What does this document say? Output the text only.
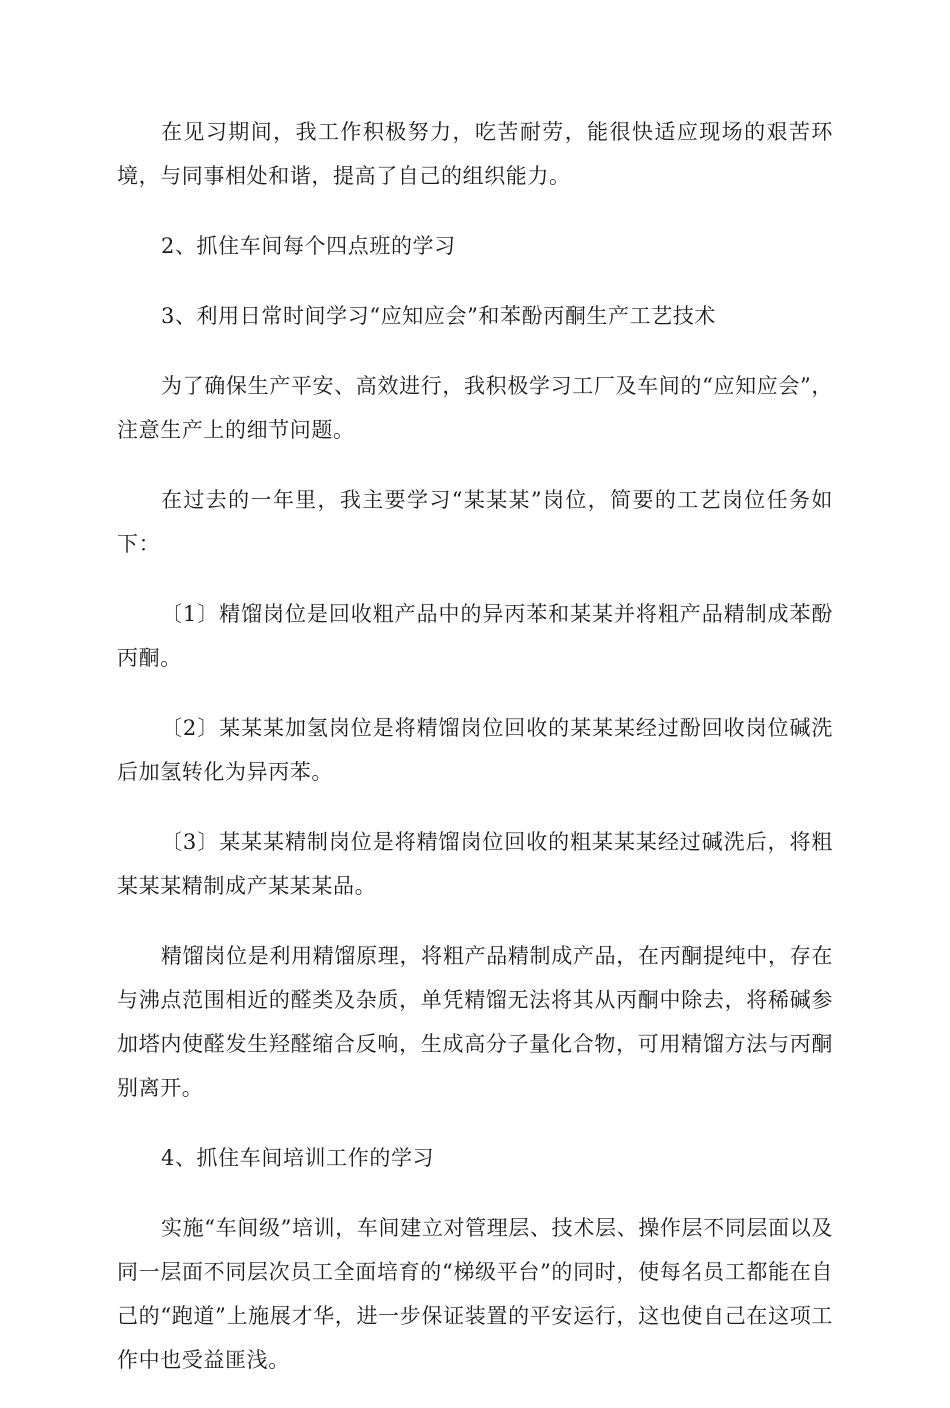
在见习期间，我工作积极努力，吃苦耐劳，能很快适应现场的艰苦环境，与同事相处和谐，提高了自己的组织能力。

2、抓住车间每个四点班的学习

3、利用日常时间学习“应知应会”和苯酚丙酮生产工艺技术

为了确保生产平安、高效进行，我积极学习工厂及车间的“应知应会”，注意生产上的细节问题。

在过去的一年里，我主要学习“某某某”岗位，简要的工艺岗位任务如下：

〔1〕精馏岗位是回收粗产品中的异丙苯和某某并将粗产品精制成苯酚丙酮。

〔2〕某某某加氢岗位是将精馏岗位回收的某某某经过酚回收岗位碱洗后加氢转化为异丙苯。

〔3〕某某某精制岗位是将精馏岗位回收的粗某某某经过碱洗后，将粗某某某精制成产某某某品。

精馏岗位是利用精馏原理，将粗产品精制成产品，在丙酮提纯中，存在与沸点范围相近的醛类及杂质，单凭精馏无法将其从丙酮中除去，将稀碱参加塔内使醛发生羟醛缩合反响，生成高分子量化合物，可用精馏方法与丙酮别离开。

4、抓住车间培训工作的学习

实施“车间级”培训，车间建立对管理层、技术层、操作层不同层面以及同一层面不同层次员工全面培育的“梯级平台”的同时，使每名员工都能在自己的“跑道”上施展才华，进一步保证装置的平安运行，这也使自己在这项工作中也受益匪浅。
